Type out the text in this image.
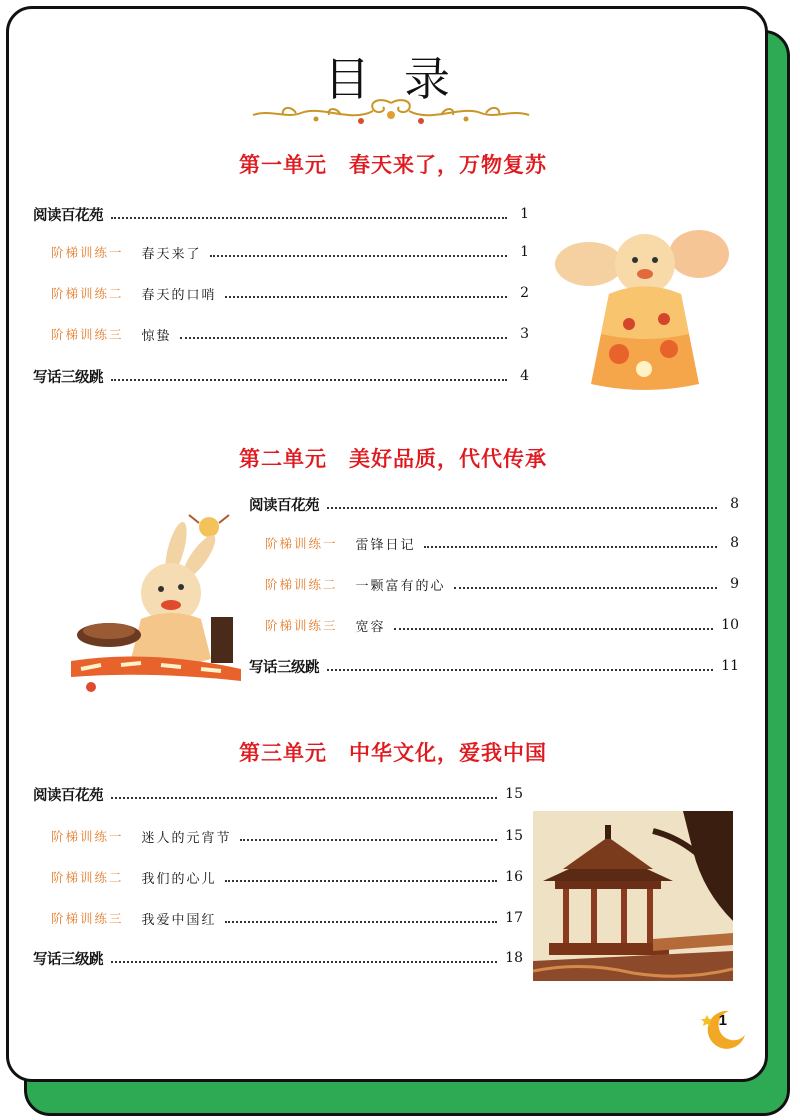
目录
第一单元　春天来了，万物复苏
阅读百花苑	1
阶梯训练一 春天来了	1
阶梯训练二 春天的口哨	2
阶梯训练三 惊蛰	3
写话三级跳	4
第二单元　美好品质，代代传承
阅读百花苑	8
阶梯训练一 雷锋日记	8
阶梯训练二 一颗富有的心	9
阶梯训练三 宽容	10
写话三级跳	11
第三单元　中华文化，爱我中国
阅读百花苑	15
阶梯训练一 迷人的元宵节	15
阶梯训练二 我们的心儿	16
阶梯训练三 我爱中国红	17
写话三级跳	18
1
